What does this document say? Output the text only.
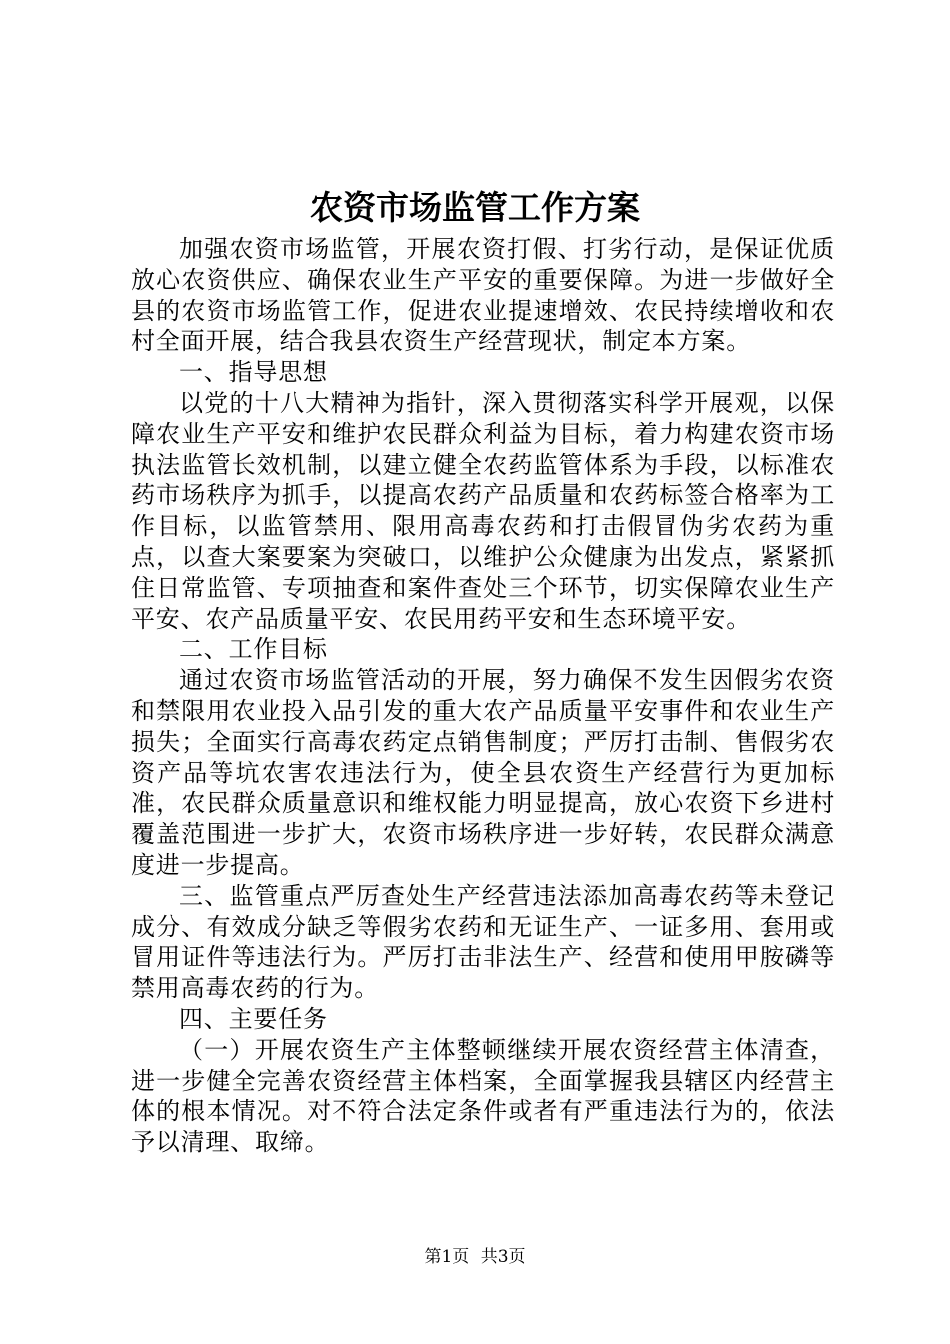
农资市场监管工作方案

加强农资市场监管，开展农资打假、打劣行动，是保证优质放心农资供应、确保农业生产平安的重要保障。为进一步做好全县的农资市场监管工作，促进农业提速增效、农民持续增收和农村全面开展，结合我县农资生产经营现状，制定本方案。

一、指导思想

以党的十八大精神为指针，深入贯彻落实科学开展观，以保障农业生产平安和维护农民群众利益为目标，着力构建农资市场执法监管长效机制，以建立健全农药监管体系为手段，以标准农药市场秩序为抓手，以提高农药产品质量和农药标签合格率为工作目标，以监管禁用、限用高毒农药和打击假冒伪劣农药为重点，以查大案要案为突破口，以维护公众健康为出发点，紧紧抓住日常监管、专项抽查和案件查处三个环节，切实保障农业生产平安、农产品质量平安、农民用药平安和生态环境平安。

二、工作目标

通过农资市场监管活动的开展，努力确保不发生因假劣农资和禁限用农业投入品引发的重大农产品质量平安事件和农业生产损失；全面实行高毒农药定点销售制度；严厉打击制、售假劣农资产品等坑农害农违法行为，使全县农资生产经营行为更加标准，农民群众质量意识和维权能力明显提高，放心农资下乡进村覆盖范围进一步扩大，农资市场秩序进一步好转，农民群众满意度进一步提高。

三、监管重点严厉查处生产经营违法添加高毒农药等未登记成分、有效成分缺乏等假劣农药和无证生产、一证多用、套用或冒用证件等违法行为。严厉打击非法生产、经营和使用甲胺磷等禁用高毒农药的行为。

四、主要任务

（一）开展农资生产主体整顿继续开展农资经营主体清查，进一步健全完善农资经营主体档案，全面掌握我县辖区内经营主体的根本情况。对不符合法定条件或者有严重违法行为的，依法予以清理、取缔。

第1页 共3页
